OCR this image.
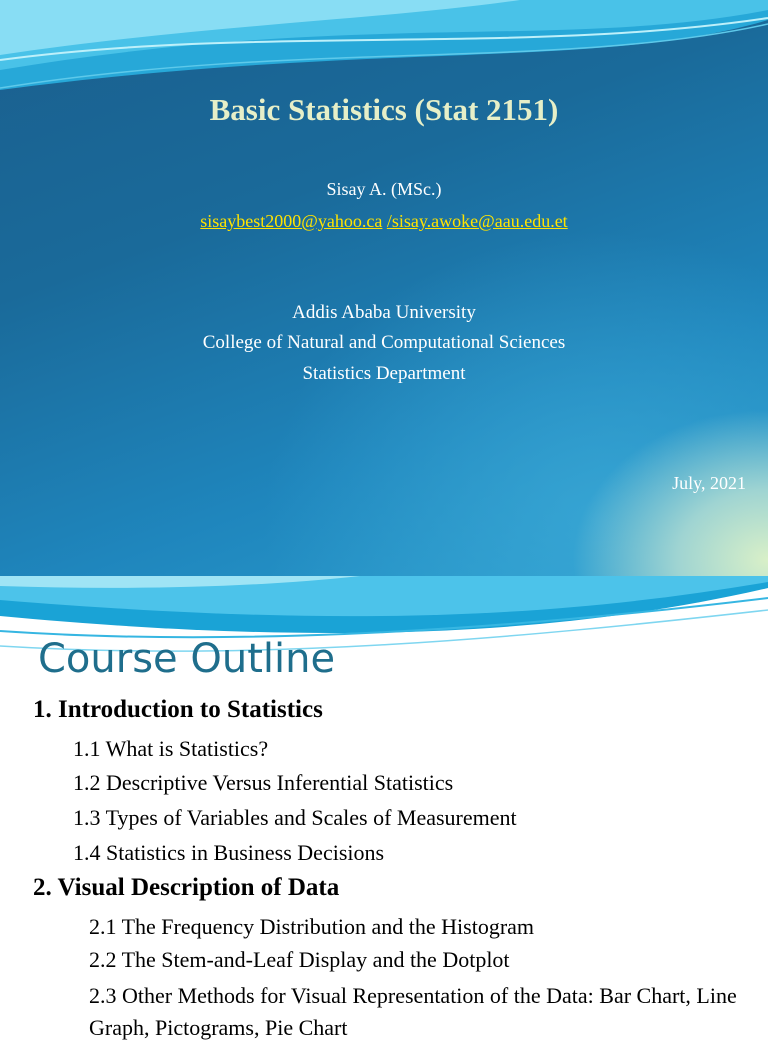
Basic Statistics (Stat 2151)
Sisay A. (MSc.)
sisaybest2000@yahoo.ca /sisay.awoke@aau.edu.et
Addis Ababa University
College of Natural and Computational Sciences
Statistics Department
July, 2021
Course Outline
1. Introduction to Statistics
1.1 What is Statistics?
1.2 Descriptive Versus Inferential Statistics
1.3 Types of Variables and Scales of Measurement
1.4 Statistics in Business Decisions
2. Visual Description of Data
2.1 The Frequency Distribution and the Histogram
2.2 The Stem-and-Leaf Display and the Dotplot
2.3 Other Methods for Visual Representation of the Data: Bar Chart, Line Graph, Pictograms, Pie Chart
